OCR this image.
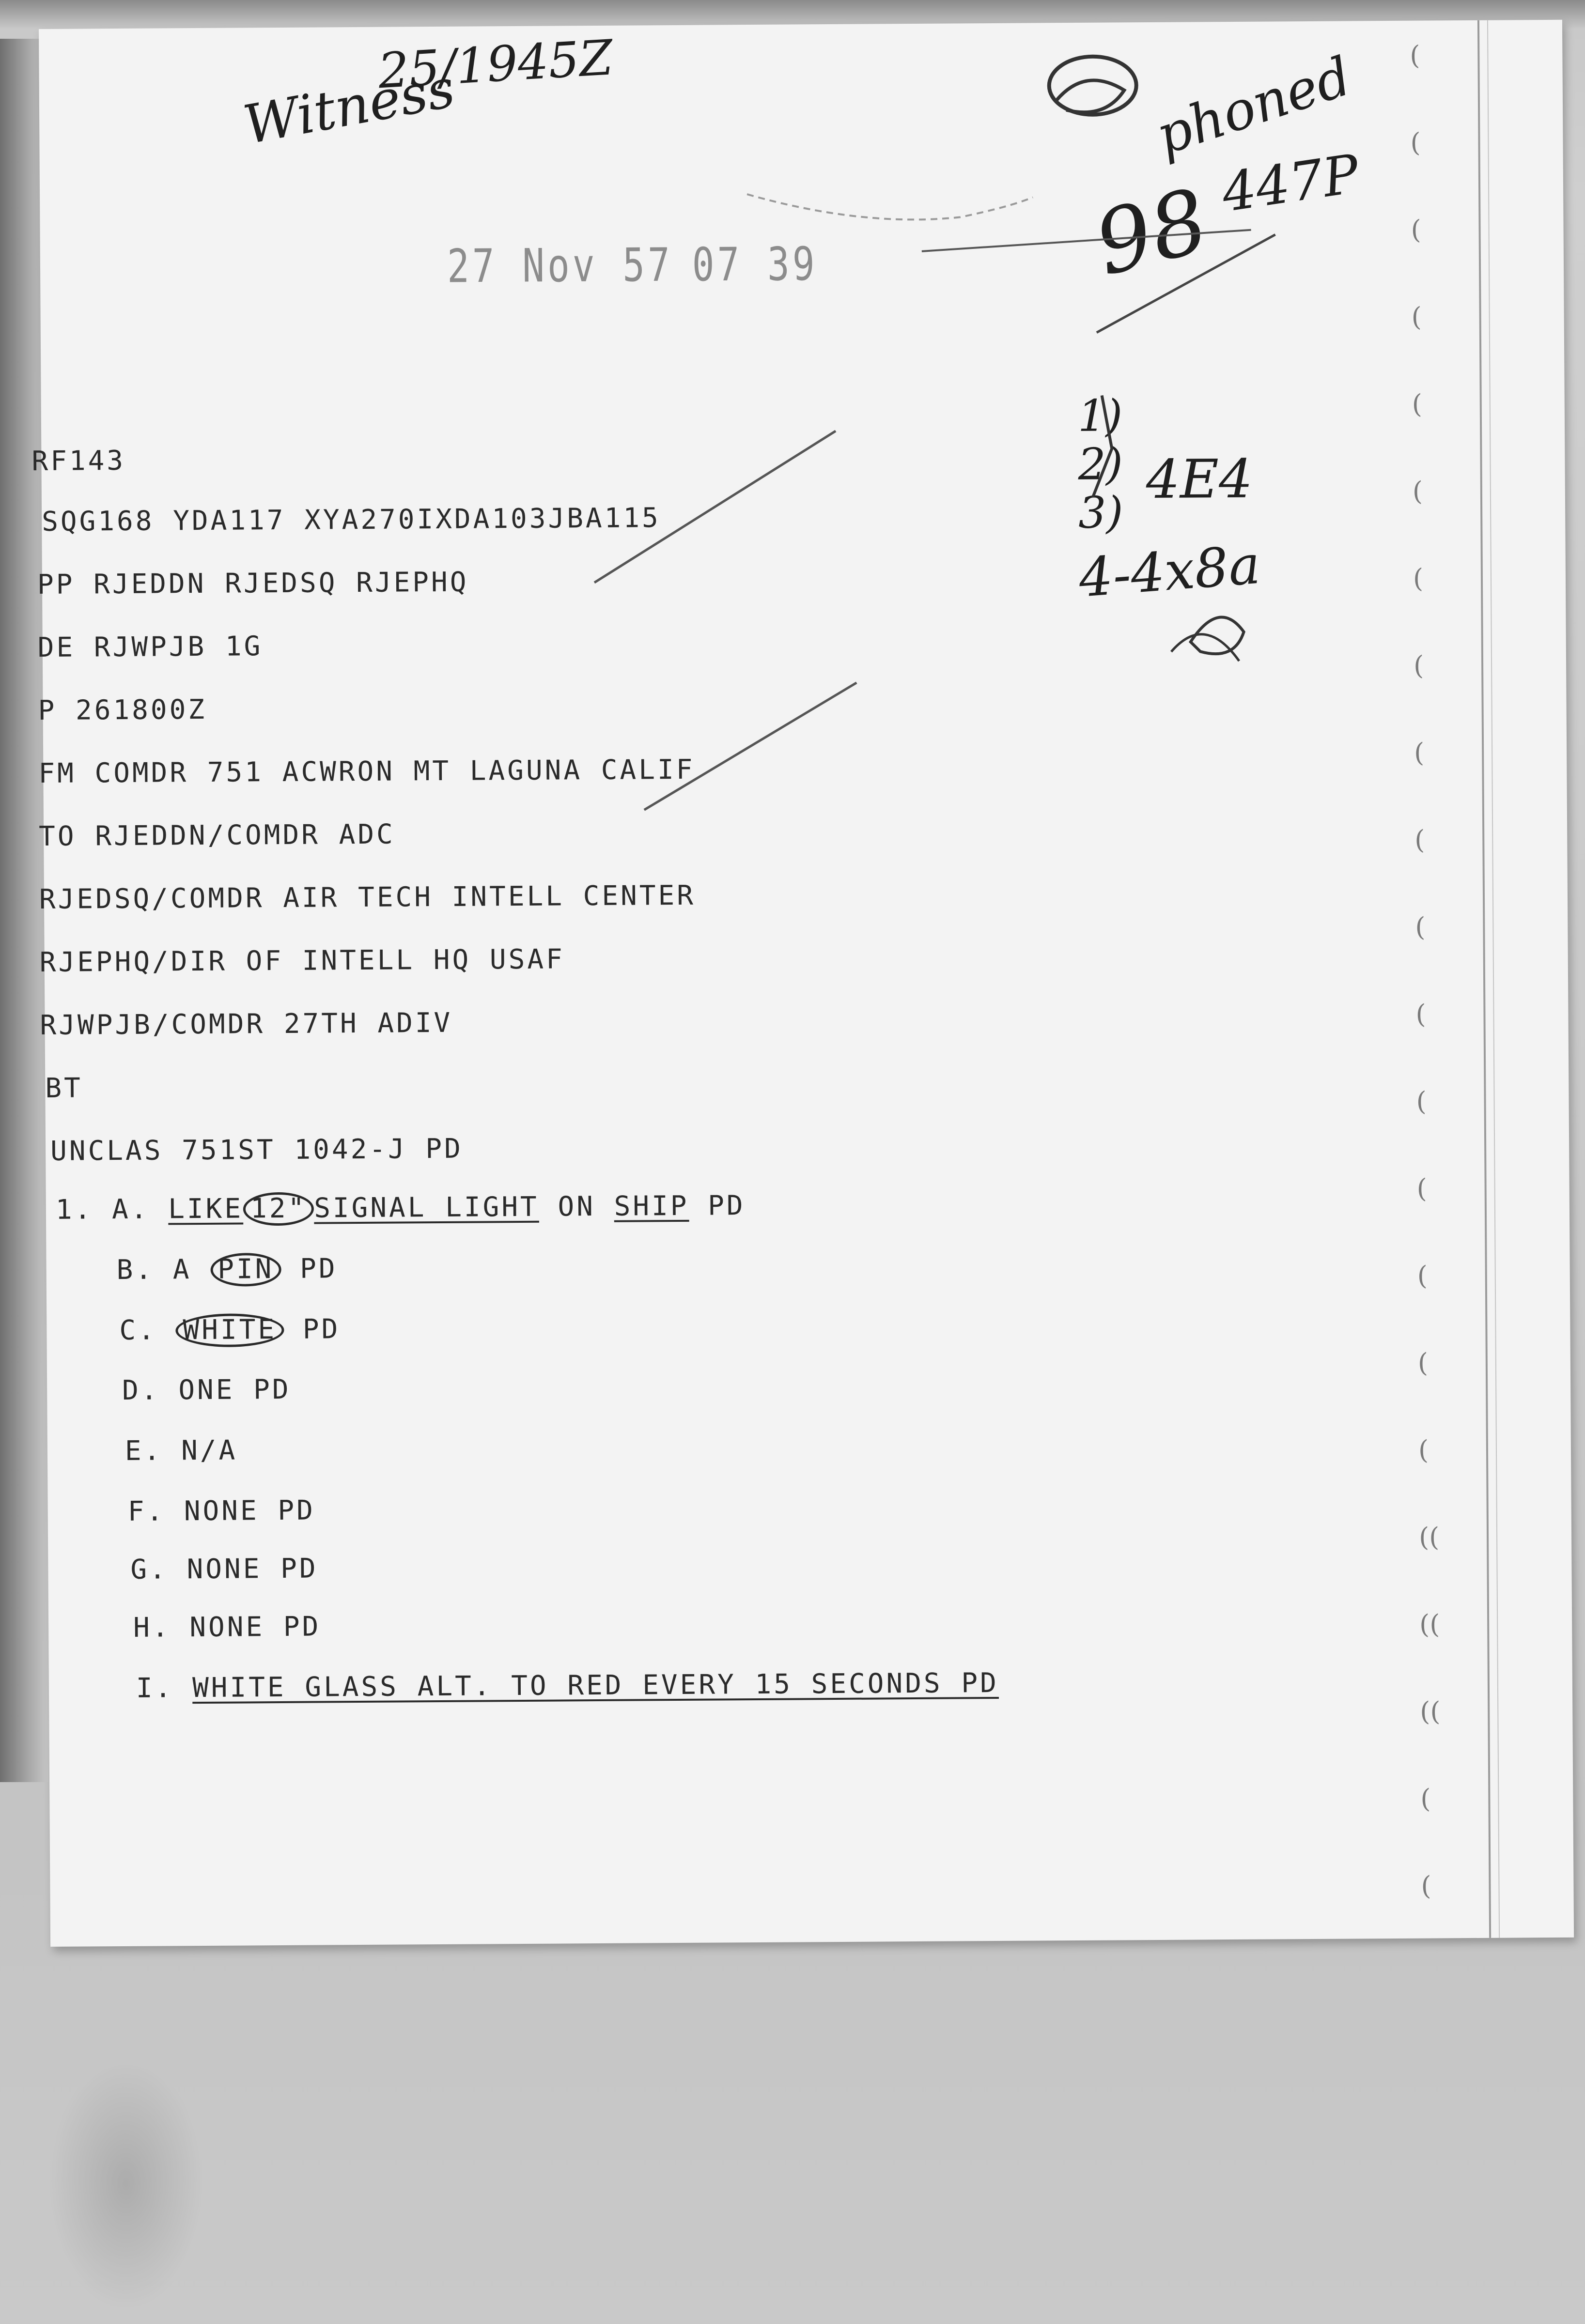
(
(
(
(
(
(
(
(
(
(
(
(
(
(
(
(
(
((
((
((
(
(
Witness
25/1945Z	phoned
98 447P
1)
2)
3)
4E4
4-4x8a
27 Nov 57 07 39
RF143
SQG168 YDA117 XYA270IXDA103JBA115
PP RJEDDN RJEDSQ RJEPHQ
DE RJWPJB 1G
P 261800Z
FM COMDR 751 ACWRON MT LAGUNA CALIF
TO RJEDDN/COMDR ADC
RJEDSQ/COMDR AIR TECH INTELL CENTER
RJEPHQ/DIR OF INTELL HQ USAF
RJWPJB/COMDR 27TH ADIV
BT
UNCLAS 751ST 1042-J PD
1. A. LIKE 12" SIGNAL LIGHT ON SHIP PD
B. A PIN PD
C. WHITE PD
D. ONE PD
E. N/A
F. NONE PD
G. NONE PD
H. NONE PD
I. WHITE GLASS ALT. TO RED EVERY 15 SECONDS PD
